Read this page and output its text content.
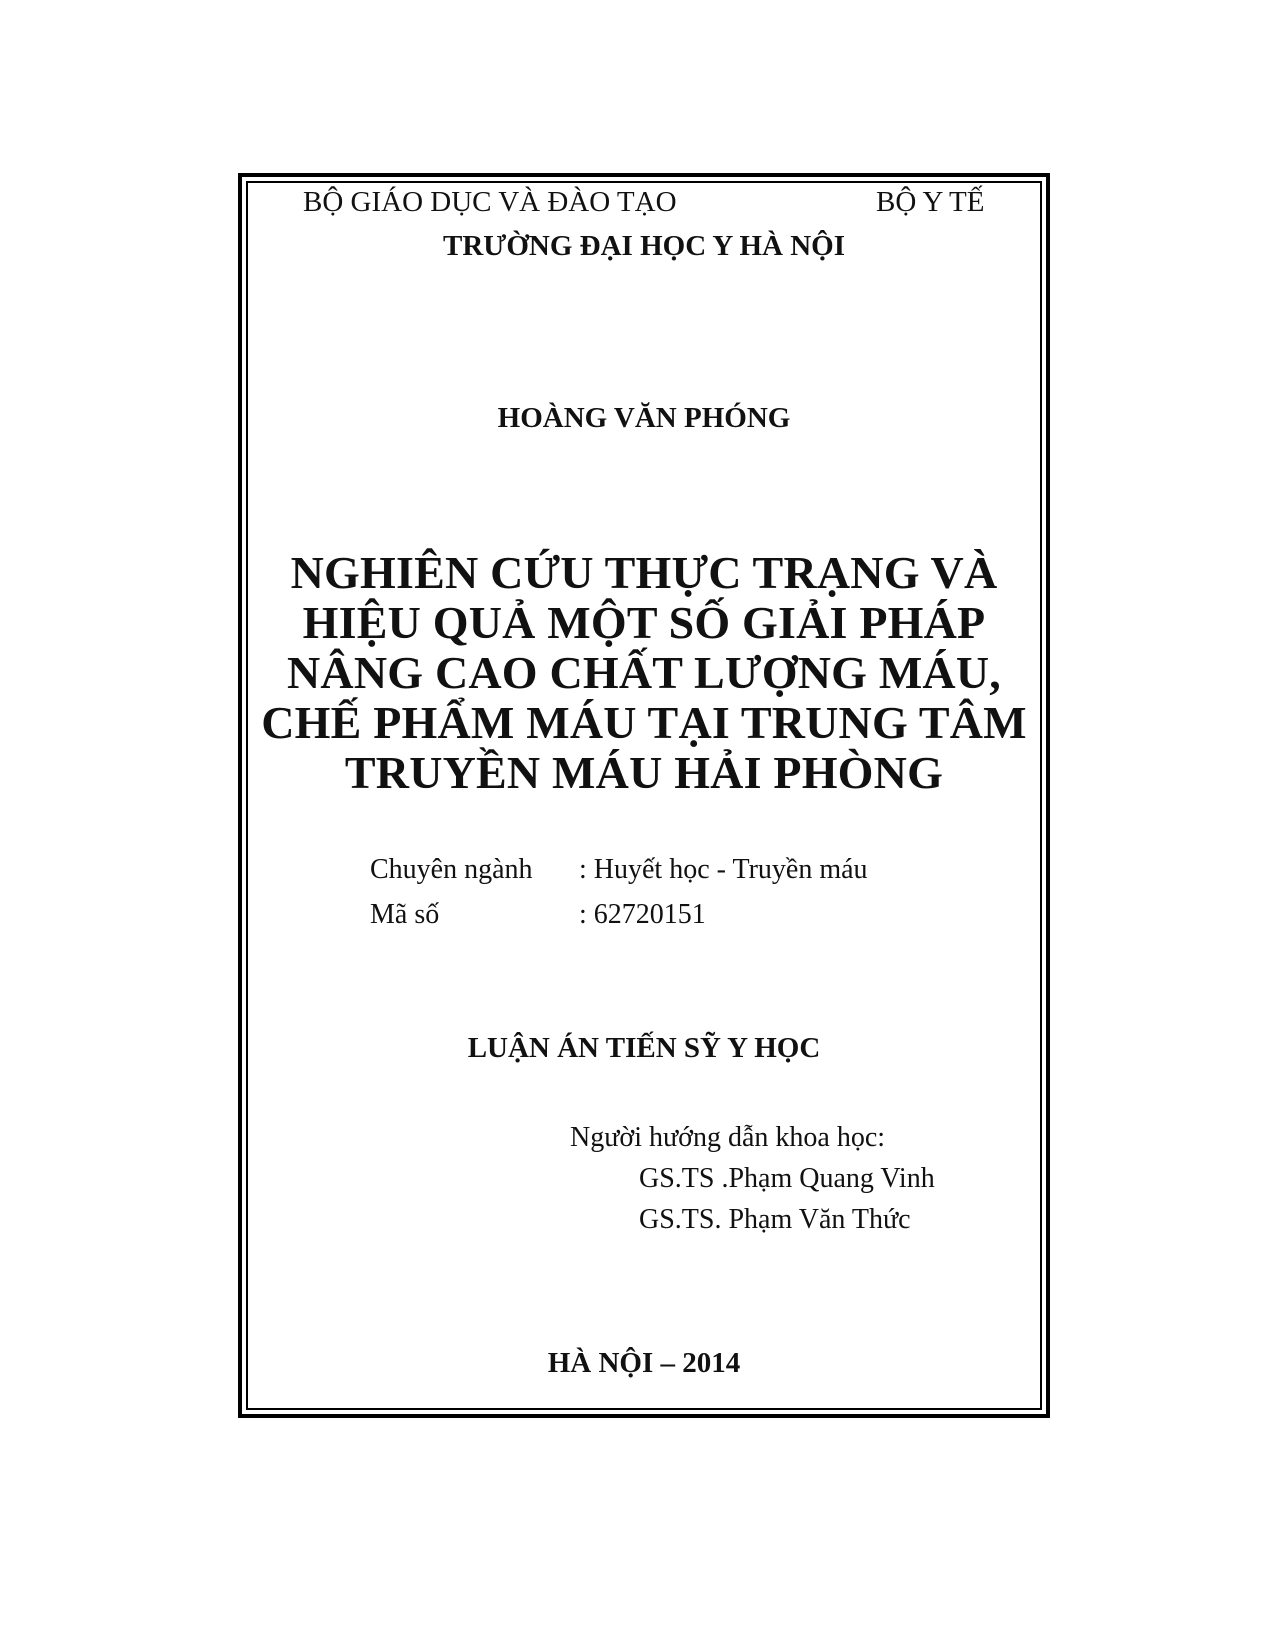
BỘ GIÁO DỤC VÀ ĐÀO TẠO	BỘ Y TẾ
TRƯỜNG ĐẠI HỌC Y HÀ NỘI
HOÀNG VĂN PHÓNG
NGHIÊN CỨU THỰC TRẠNG VÀ
HIỆU QUẢ MỘT SỐ GIẢI PHÁP
NÂNG CAO CHẤT LƯỢNG MÁU,
CHẾ PHẨM MÁU TẠI TRUNG TÂM
TRUYỀN MÁU HẢI PHÒNG
Chuyên ngành : Huyết học - Truyền máu
Mã số	: 62720151
LUẬN ÁN TIẾN SỸ Y HỌC
Người hướng dẫn khoa học:
GS.TS .Phạm Quang Vinh
GS.TS. Phạm Văn Thức
HÀ NỘI – 2014
